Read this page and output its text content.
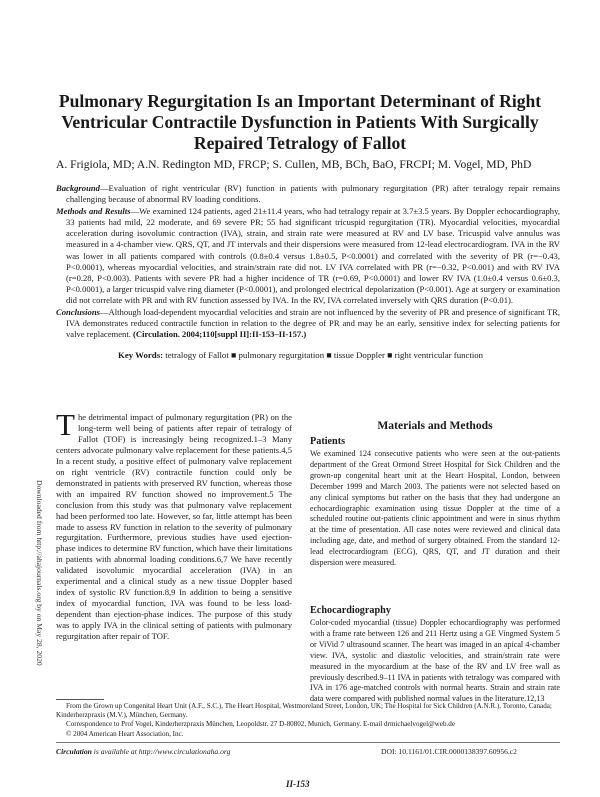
Pulmonary Regurgitation Is an Important Determinant of Right Ventricular Contractile Dysfunction in Patients With Surgically Repaired Tetralogy of Fallot
A. Frigiola, MD; A.N. Redington MD, FRCP; S. Cullen, MB, BCh, BaO, FRCPI; M. Vogel, MD, PhD

Background—Evaluation of right ventricular (RV) function in patients with pulmonary regurgitation (PR) after tetralogy repair remains challenging because of abnormal RV loading conditions.

Methods and Results—We examined 124 patients, aged 21±11.4 years, who had tetralogy repair at 3.7±3.5 years. By Doppler echocardiography, 33 patients had mild, 22 moderate, and 69 severe PR; 55 had significant tricuspid regurgitation (TR). Myocardial velocities, myocardial acceleration during isovolumic contraction (IVA), strain, and strain rate were measured at RV and LV base. Tricuspid valve annulus was measured in a 4-chamber view. QRS, QT, and JT intervals and their dispersions were measured from 12-lead electrocardiogram. IVA in the RV was lower in all patients compared with controls (0.8±0.4 versus 1.8±0.5, P<0.0001) and correlated with the severity of PR (r=−0.43, P<0.0001), whereas myocardial velocities, and strain/strain rate did not. LV IVA correlated with PR (r=−0.32, P<0.001) and with RV IVA (r=0.28, P<0.003). Patients with severe PR had a higher incidence of TR (r=0.69, P<0.0001) and lower RV IVA (1.0±0.4 versus 0.6±0.3, P<0.0001), a larger tricuspid valve ring diameter (P<0.0001), and prolonged electrical depolarization (P<0.001). Age at surgery or examination did not correlate with PR and with RV function assessed by IVA. In the RV, IVA correlated inversely with QRS duration (P<0.01).

Conclusions—Although load-dependent myocardial velocities and strain are not influenced by the severity of PR and presence of significant TR, IVA demonstrates reduced contractile function in relation to the degree of PR and may be an early, sensitive index for selecting patients for valve replacement. (Circulation. 2004;110[suppl II]:II-153–II-157.)

Key Words: tetralogy of Fallot ■ pulmonary regurgitation ■ tissue Doppler ■ right ventricular function
Downloaded from http://ahajournals.org by on May 28, 2020
The detrimental impact of pulmonary regurgitation (PR) on the long-term well being of patients after repair of tetralogy of Fallot (TOF) is increasingly being recognized.1–3 Many centers advocate pulmonary valve replacement for these patients.4,5 In a recent study, a positive effect of pulmonary valve replacement on right ventricle (RV) contractile function could only be demonstrated in patients with preserved RV function, whereas those with an impaired RV function showed no improvement.5 The conclusion from this study was that pulmonary valve replacement had been performed too late. However, so far, little attempt has been made to assess RV function in relation to the severity of pulmonary regurgitation. Furthermore, previous studies have used ejection-phase indices to determine RV function, which have their limitations in patients with abnormal loading conditions.6,7 We have recently validated isovolumic myocardial acceleration (IVA) in an experimental and a clinical study as a new tissue Doppler based index of systolic RV function.8,9 In addition to being a sensitive index of myocardial function, IVA was found to be less load-dependent than ejection-phase indices. The purpose of this study was to apply IVA in the clinical setting of patients with pulmonary regurgitation after repair of TOF.
Materials and Methods
Patients
We examined 124 consecutive patients who were seen at the out-patients department of the Great Ormond Street Hospital for Sick Children and the grown-up congenital heart unit at the Heart Hospital, London, between December 1999 and March 2003. The patients were not selected based on any clinical symptoms but rather on the basis that they had undergone an echocardiographic examination using tissue Doppler at the time of a scheduled routine out-patients clinic appointment and were in sinus rhythm at the time of presentation. All case notes were reviewed and clinical data including age, date, and method of surgery obtained. From the standard 12-lead electrocardiogram (ECG), QRS, QT, and JT duration and their dispersion were measured.
Echocardiography
Color-coded myocardial (tissue) Doppler echocardiography was performed with a frame rate between 126 and 211 Hertz using a GE Vingmed System 5 or ViVid 7 ultrasound scanner. The heart was imaged in an apical 4-chamber view. IVA, systolic and diastolic velocities, and strain/strain rate were measured in the myocardium at the base of the RV and LV free wall as previously described.9–11 IVA in patients with tetralogy was compared with IVA in 176 age-matched controls with normal hearts. Strain and strain rate data were compared with published normal values in the literature.12,13

From the Grown up Congenital Heart Unit (A.F., S.C.), The Heart Hospital, Westmoreland Street, London, UK; The Hospital for Sick Children (A.N.R.), Toronto, Canada; Kinderherzpraxis (M.V.), München, Germany.

Correspondence to Prof Vogel, Kinderherzpraxis München, Leopoldstr. 27 D-80802, Munich, Germany. E-mail drmichaelvogel@web.de

© 2004 American Heart Association, Inc.

Circulation is available at http://www.circulationaha.org	DOI: 10.1161/01.CIR.0000138397.60956.c2
II-153
